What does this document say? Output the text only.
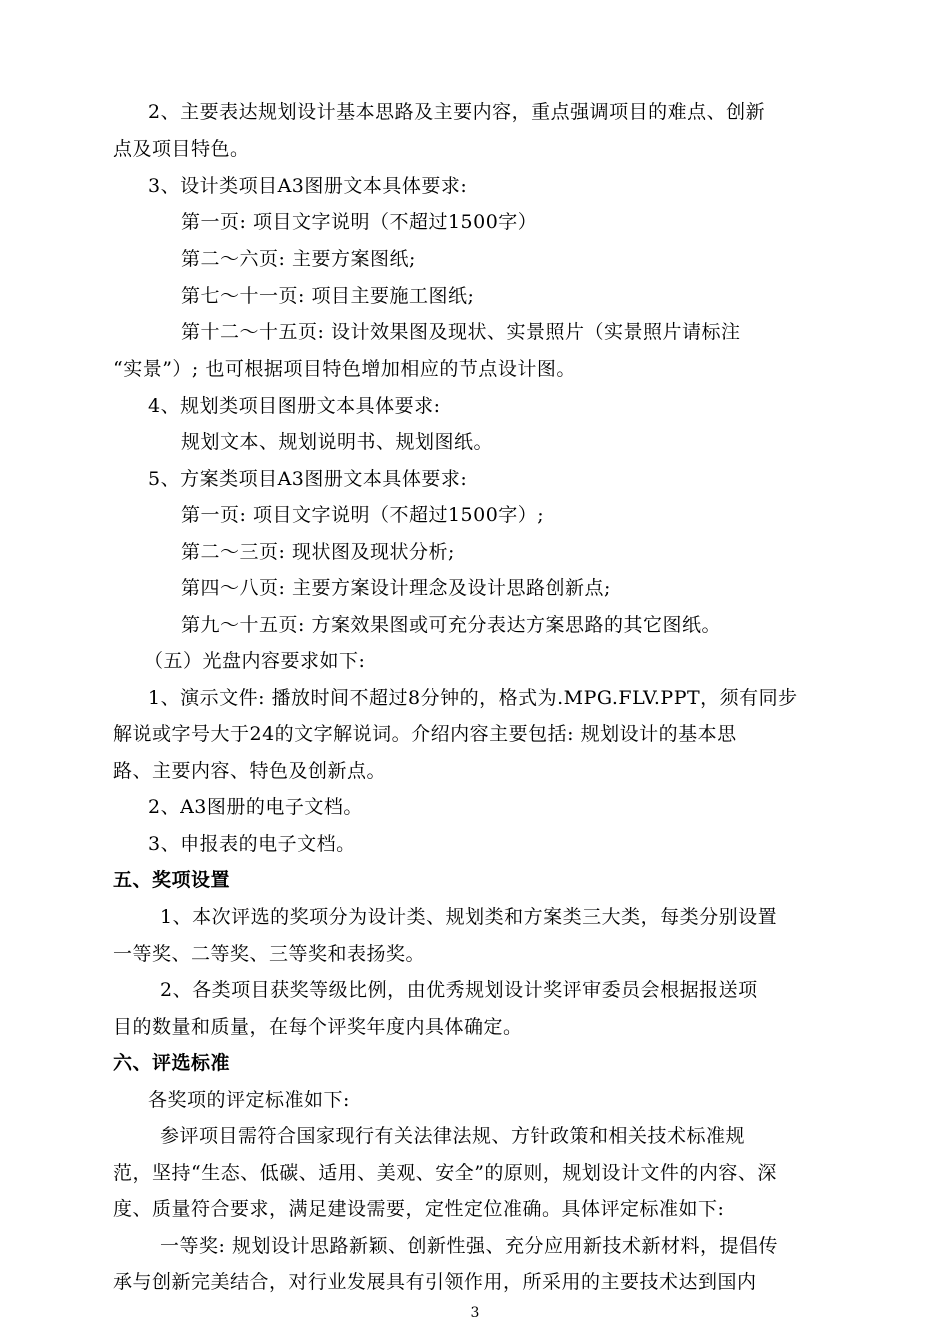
2、主要表达规划设计基本思路及主要内容，重点强调项目的难点、创新
点及项目特色。
3、设计类项目A3图册文本具体要求:
第一页: 项目文字说明（不超过1500字）
第二～六页: 主要方案图纸;
第七～十一页: 项目主要施工图纸;
第十二～十五页: 设计效果图及现状、实景照片（实景照片请标注
“实景”）; 也可根据项目特色增加相应的节点设计图。
4、规划类项目图册文本具体要求:
规划文本、规划说明书、规划图纸。
5、方案类项目A3图册文本具体要求:
第一页: 项目文字说明（不超过1500字）;
第二～三页: 现状图及现状分析;
第四～八页: 主要方案设计理念及设计思路创新点;
第九～十五页: 方案效果图或可充分表达方案思路的其它图纸。
（五）光盘内容要求如下:
1、演示文件: 播放时间不超过8分钟的，格式为.MPG.FLV.PPT，须有同步
解说或字号大于24的文字解说词。介绍内容主要包括: 规划设计的基本思
路、主要内容、特色及创新点。
2、A3图册的电子文档。
3、申报表的电子文档。
五、奖项设置
1、本次评选的奖项分为设计类、规划类和方案类三大类，每类分别设置
一等奖、二等奖、三等奖和表扬奖。
2、各类项目获奖等级比例，由优秀规划设计奖评审委员会根据报送项
目的数量和质量，在每个评奖年度内具体确定。
六、评选标准
各奖项的评定标准如下:
参评项目需符合国家现行有关法律法规、方针政策和相关技术标准规
范，坚持“生态、低碳、适用、美观、安全”的原则，规划设计文件的内容、深
度、质量符合要求，满足建设需要，定性定位准确。具体评定标准如下:
一等奖: 规划设计思路新颖、创新性强、充分应用新技术新材料，提倡传
承与创新完美结合，对行业发展具有引领作用，所采用的主要技术达到国内
3
